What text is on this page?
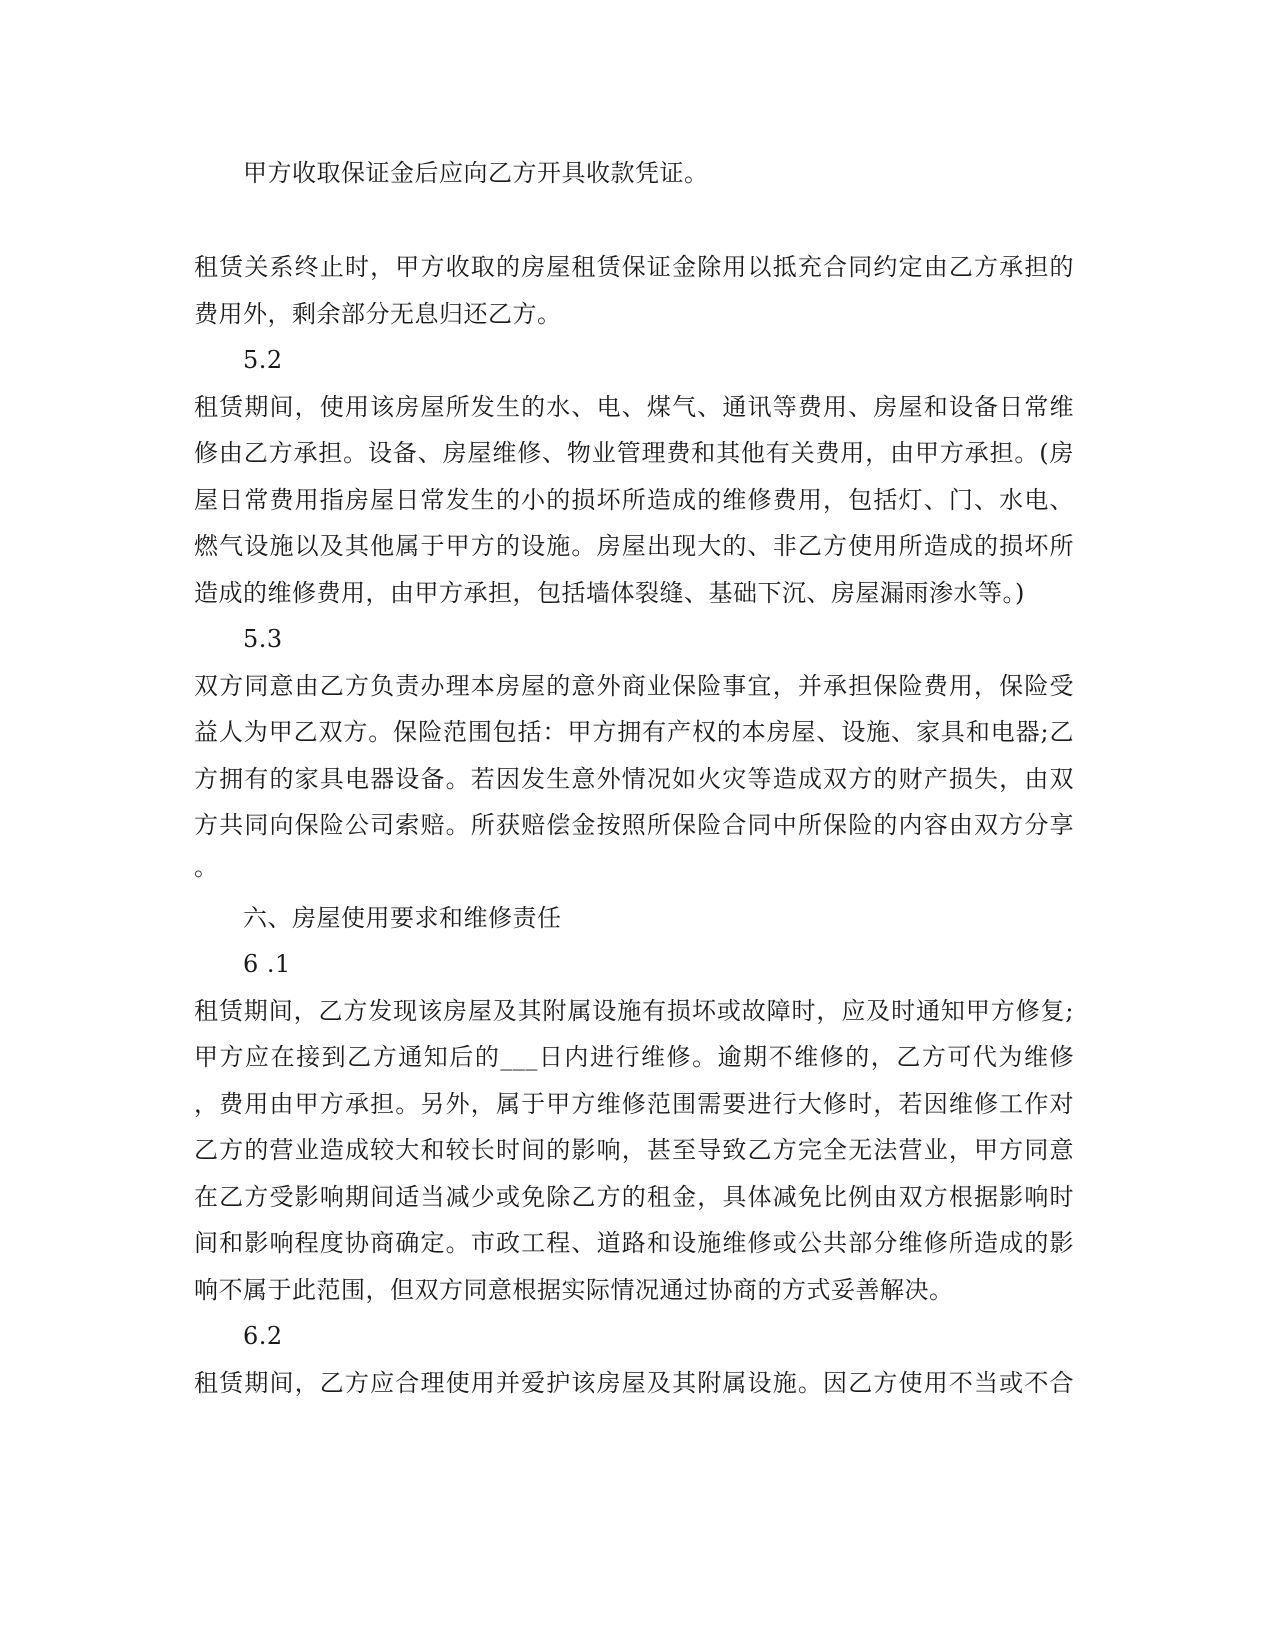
甲方收取保证金后应向乙方开具收款凭证。
租赁关系终止时，甲方收取的房屋租赁保证金除用以抵充合同约定由乙方承担的
费用外，剩余部分无息归还乙方。
5.2
租赁期间，使用该房屋所发生的水、电、煤气、通讯等费用、房屋和设备日常维
修由乙方承担。设备、房屋维修、物业管理费和其他有关费用，由甲方承担。(房
屋日常费用指房屋日常发生的小的损坏所造成的维修费用，包括灯、门、水电、
燃气设施以及其他属于甲方的设施。房屋出现大的、非乙方使用所造成的损坏所
造成的维修费用，由甲方承担，包括墙体裂缝、基础下沉、房屋漏雨渗水等。)
5.3
双方同意由乙方负责办理本房屋的意外商业保险事宜，并承担保险费用，保险受
益人为甲乙双方。保险范围包括：甲方拥有产权的本房屋、设施、家具和电器;乙
方拥有的家具电器设备。若因发生意外情况如火灾等造成双方的财产损失，由双
方共同向保险公司索赔。所获赔偿金按照所保险合同中所保险的内容由双方分享
。
六、房屋使用要求和维修责任
6 .1
租赁期间，乙方发现该房屋及其附属设施有损坏或故障时，应及时通知甲方修复;
甲方应在接到乙方通知后的___日内进行维修。逾期不维修的，乙方可代为维修
，费用由甲方承担。另外，属于甲方维修范围需要进行大修时，若因维修工作对
乙方的营业造成较大和较长时间的影响，甚至导致乙方完全无法营业，甲方同意
在乙方受影响期间适当减少或免除乙方的租金，具体减免比例由双方根据影响时
间和影响程度协商确定。市政工程、道路和设施维修或公共部分维修所造成的影
响不属于此范围，但双方同意根据实际情况通过协商的方式妥善解决。
6.2
租赁期间，乙方应合理使用并爱护该房屋及其附属设施。因乙方使用不当或不合
